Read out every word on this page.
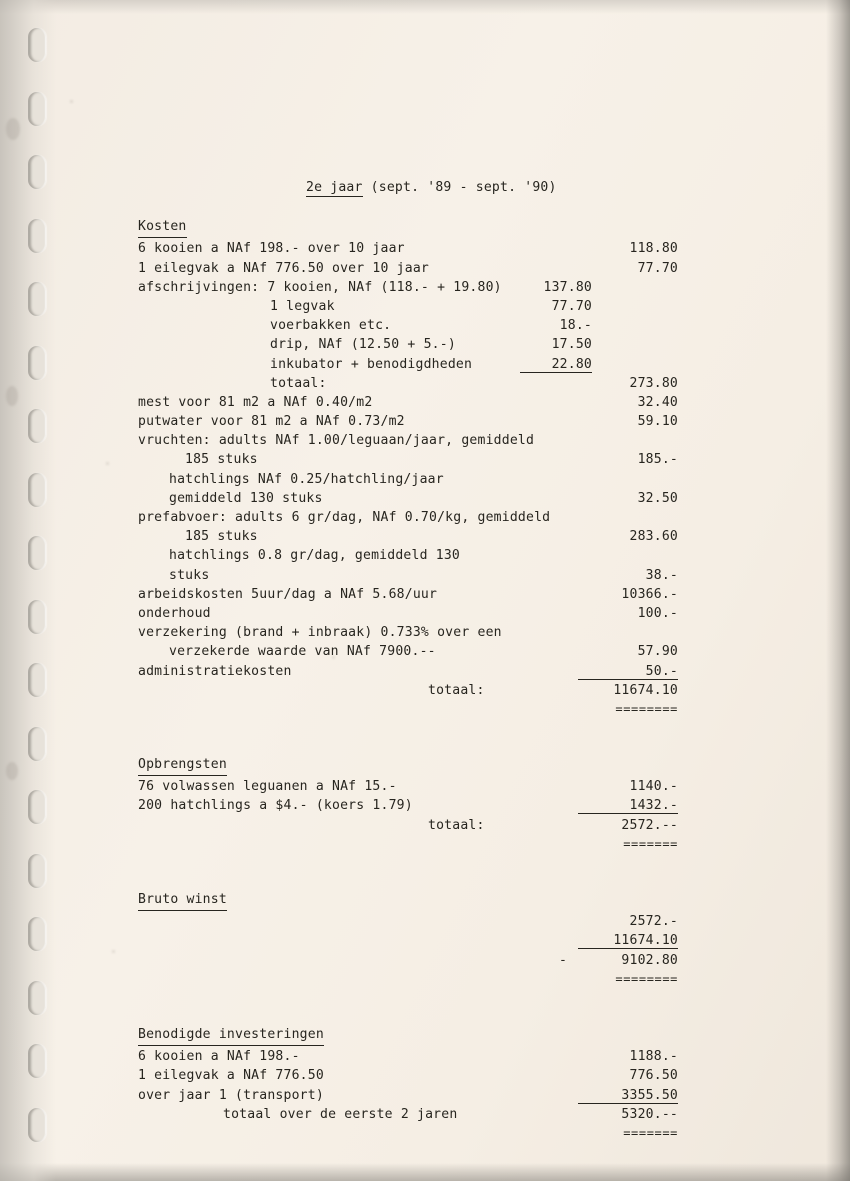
2e jaar (sept. '89 - sept. '90)
Kosten
6 kooien a NAf 198.- over 10 jaar	118.80
1 eilegvak a NAf 776.50 over 10 jaar	77.70
afschrijvingen: 7 kooien, NAf (118.- + 19.80)	137.80
1 legvak	77.70
voerbakken etc.	18.-
drip, NAf (12.50 + 5.-)	17.50
inkubator + benodigdheden	22.80
totaal:	273.80
mest voor 81 m2 a NAf 0.40/m2	32.40
putwater voor 81 m2 a NAf 0.73/m2	59.10
vruchten: adults NAf 1.00/leguaan/jaar, gemiddeld
185 stuks	185.-
hatchlings NAf 0.25/hatchling/jaar
gemiddeld 130 stuks	32.50
prefabvoer: adults 6 gr/dag, NAf 0.70/kg, gemiddeld
185 stuks	283.60
hatchlings 0.8 gr/dag, gemiddeld 130
stuks	38.-
arbeidskosten 5uur/dag a NAf 5.68/uur	10366.-
onderhoud	100.-
verzekering (brand + inbraak) 0.733% over een
verzekerde waarde van NAf 7900.--	57.90
administratiekosten	50.-
totaal:	11674.10
========
Opbrengsten
76 volwassen leguanen a NAf 15.-	1140.-
200 hatchlings a $4.- (koers 1.79)	1432.-
totaal:	2572.--
=======
Bruto winst
2572.-
11674.10
-	9102.80
========
Benodigde investeringen
6 kooien a NAf 198.-	1188.-
1 eilegvak a NAf 776.50	776.50
over jaar 1 (transport)	3355.50
totaal over de eerste 2 jaren	5320.--
=======
